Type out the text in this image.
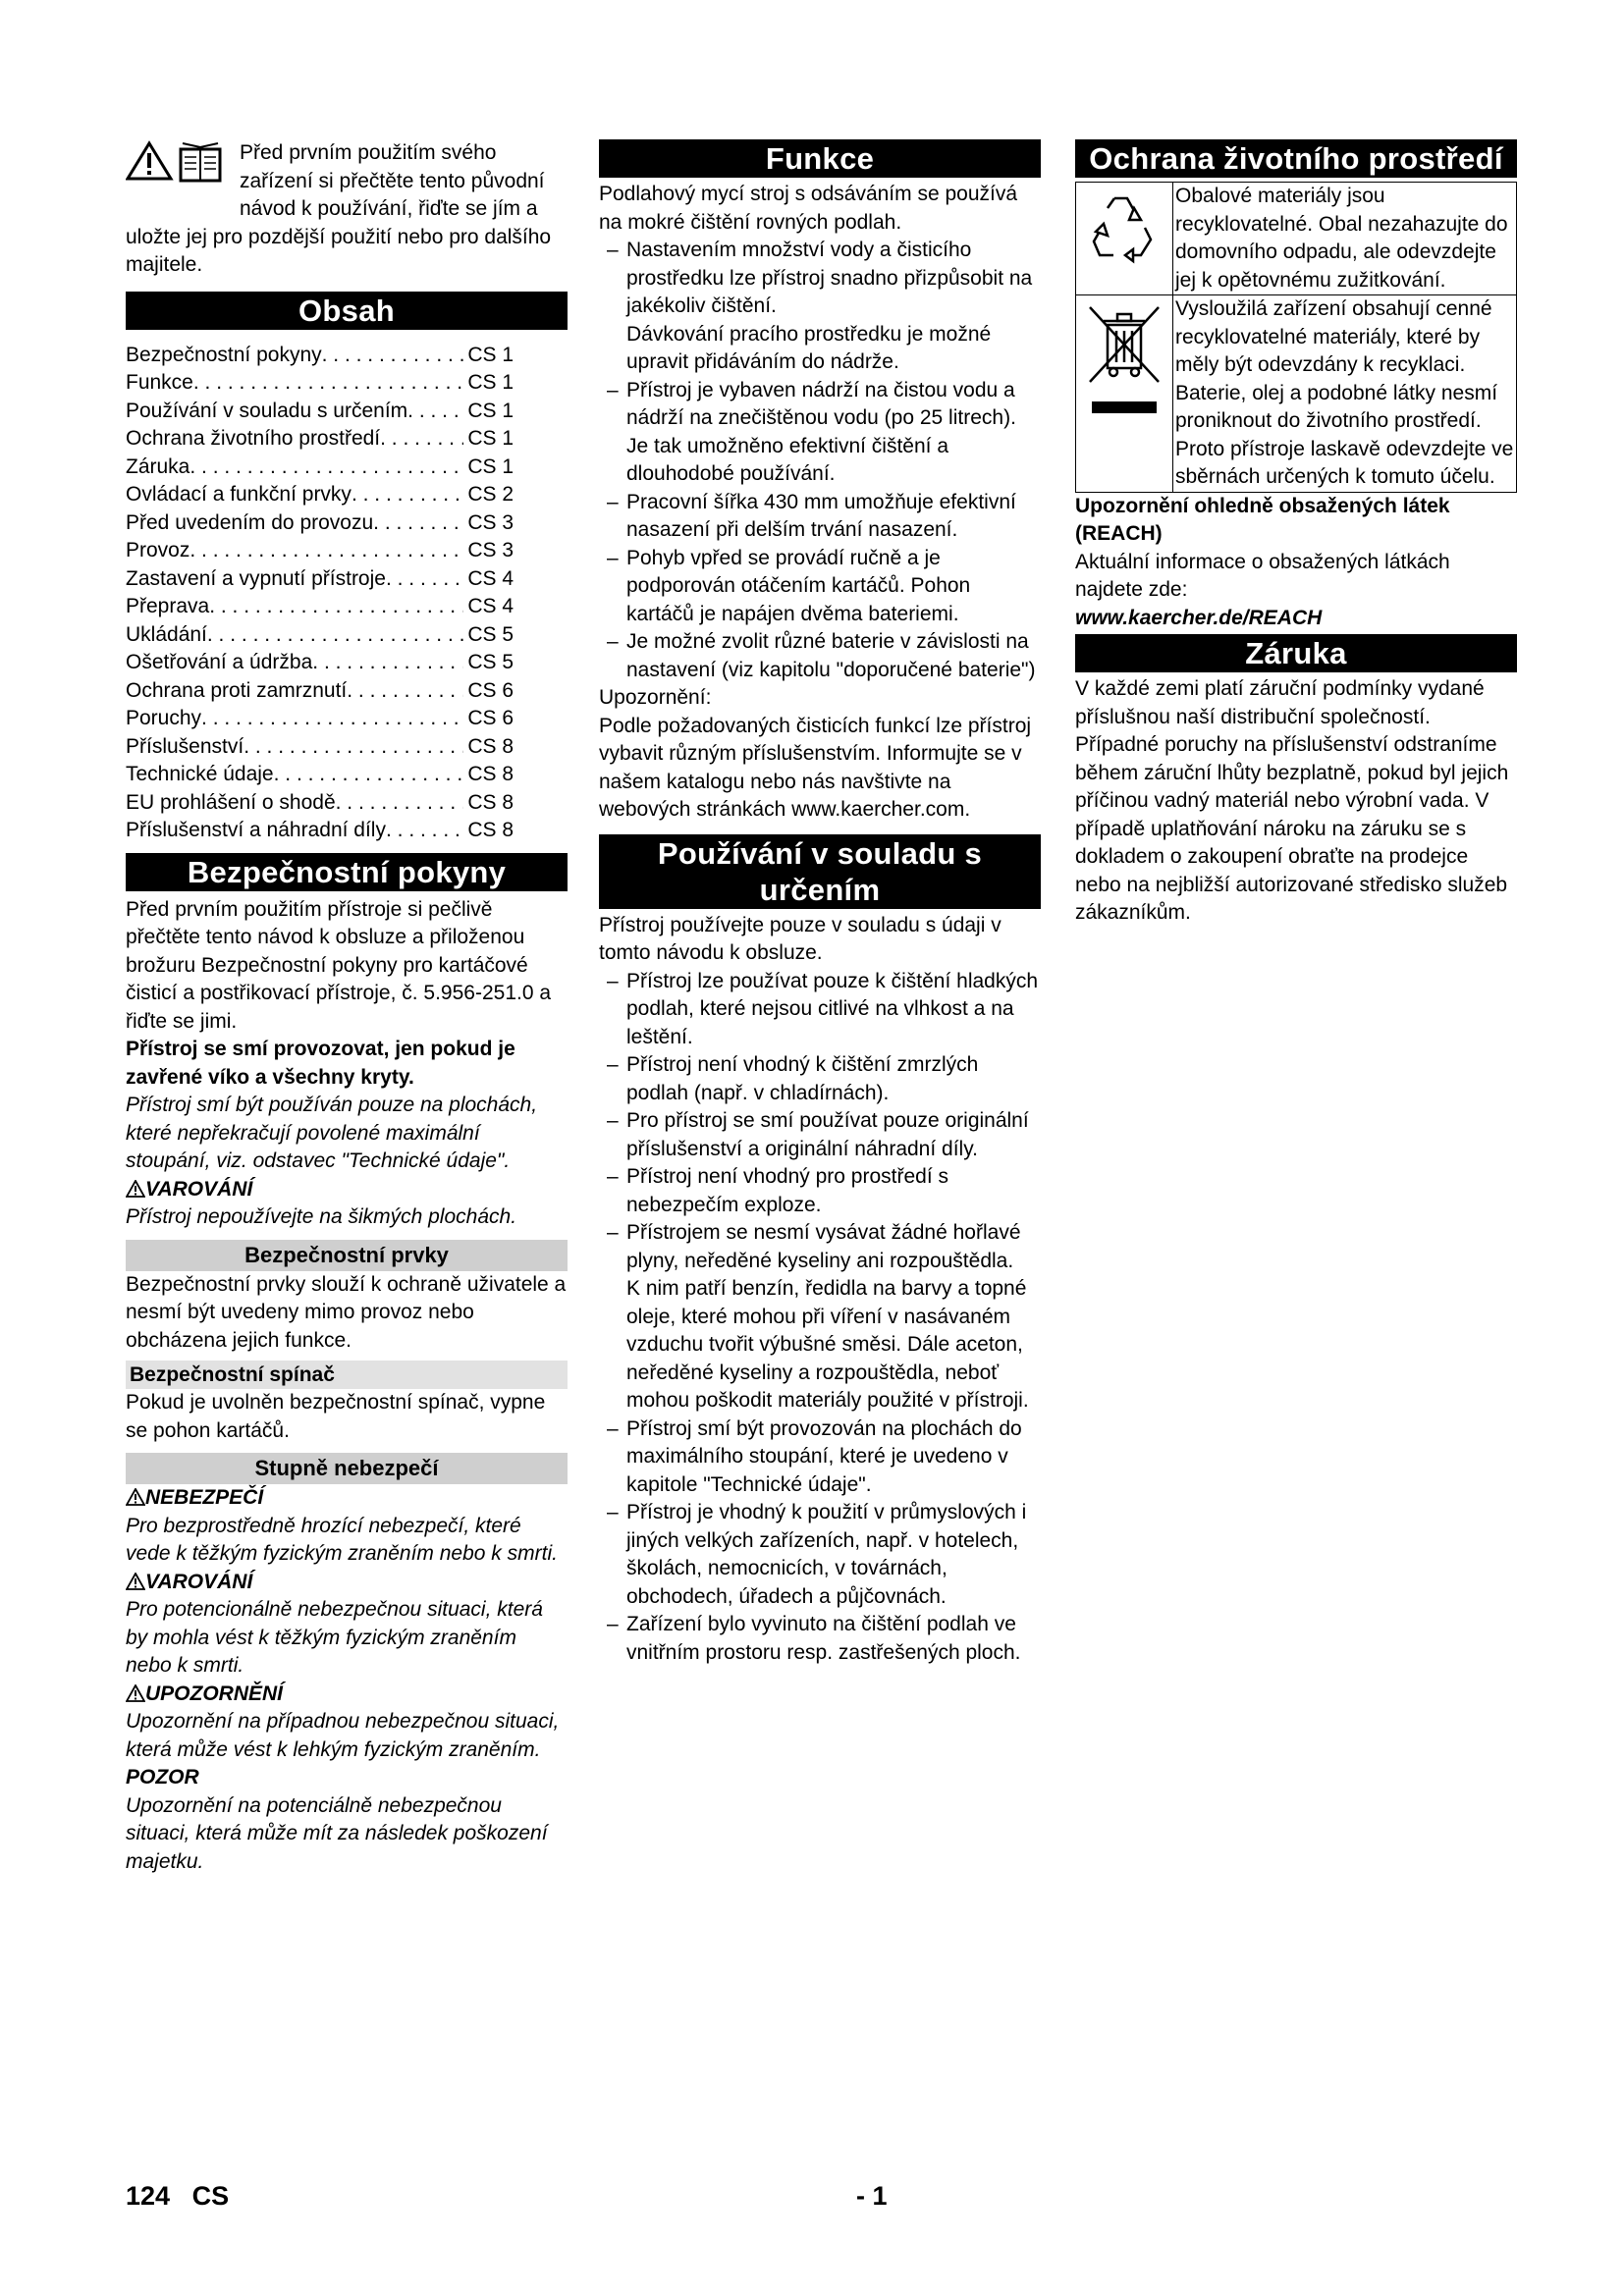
Před prvním použitím svého zařízení si přečtěte tento původní návod k používání, řiďte se jím a uložte jej pro pozdější použití nebo pro dalšího majitele.

Obsah
Bezpečnostní pokyny . . .	CS 1
Funkce . . .	CS 1
Používání v souladu s určením . . .	CS 1
Ochrana životního prostředí . . .	CS 1
Záruka . . .	CS 1
Ovládací a funkční prvky . . .	CS 2
Před uvedením do provozu . . .	CS 3
Provoz . . .	CS 3
Zastavení a vypnutí přístroje . . .	CS 4
Přeprava . . .	CS 4
Ukládání . . .	CS 5
Ošetřování a údržba . . .	CS 5
Ochrana proti zamrznutí . . .	CS 6
Poruchy . . .	CS 6
Příslušenství . . .	CS 8
Technické údaje . . .	CS 8
EU prohlášení o shodě . . .	CS 8
Příslušenství a náhradní díly . . .	CS 8
Bezpečnostní pokyny

Před prvním použitím přístroje si pečlivě přečtěte tento návod k obsluze a přiloženou brožuru Bezpečnostní pokyny pro kartáčové čisticí a postřikovací přístroje, č. 5.956-251.0 a řiďte se jimi.

Přístroj se smí provozovat, jen pokud je zavřené víko a všechny kryty.

Přístroj smí být používán pouze na plochách, které nepřekračují povolené maximální stoupání, viz. odstavec "Technické údaje".

VAROVÁNÍ

Přístroj nepoužívejte na šikmých plochách.

Bezpečnostní prvky

Bezpečnostní prvky slouží k ochraně uživatele a nesmí být uvedeny mimo provoz nebo obcházena jejich funkce.

Bezpečnostní spínač

Pokud je uvolněn bezpečnostní spínač, vypne se pohon kartáčů.

Stupně nebezpečí

NEBEZPEČÍ

Pro bezprostředně hrozící nebezpečí, které vede k těžkým fyzickým zraněním nebo k smrti.

VAROVÁNÍ

Pro potencionálně nebezpečnou situaci, která by mohla vést k těžkým fyzickým zraněním nebo k smrti.

UPOZORNĚNÍ

Upozornění na případnou nebezpečnou situaci, která může vést k lehkým fyzickým zraněním.

POZOR

Upozornění na potenciálně nebezpečnou situaci, která může mít za následek poškození majetku.

Funkce

Podlahový mycí stroj s odsáváním se používá na mokré čištění rovných podlah.

– Nastavením množství vody a čisticího prostředku lze přístroj snadno přizpůsobit na jakékoliv čištění.
Dávkování pracího prostředku je možné upravit přidáváním do nádrže.
– Přístroj je vybaven nádrží na čistou vodu a nádrží na znečištěnou vodu (po 25 litrech). Je tak umožněno efektivní čištění a dlouhodobé používání.
– Pracovní šířka 430 mm umožňuje efektivní nasazení při delším trvání nasazení.
– Pohyb vpřed se provádí ručně a je podporován otáčením kartáčů. Pohon kartáčů je napájen dvěma bateriemi.
– Je možné zvolit různé baterie v závislosti na nastavení (viz kapitolu "doporučené baterie")

Upozornění:

Podle požadovaných čisticích funkcí lze přístroj vybavit různým příslušenstvím. Informujte se v našem katalogu nebo nás navštivte na webových stránkách www.kaercher.com.

Používání v souladu s určením

Přístroj používejte pouze v souladu s údaji v tomto návodu k obsluze.

– Přístroj lze používat pouze k čištění hladkých podlah, které nejsou citlivé na vlhkost a na leštění.
– Přístroj není vhodný k čištění zmrzlých podlah (např. v chladírnách).
– Pro přístroj se smí používat pouze originální příslušenství a originální náhradní díly.
– Přístroj není vhodný pro prostředí s nebezpečím exploze.
– Přístrojem se nesmí vysávat žádné hořlavé plyny, neředěné kyseliny ani rozpouštědla.
K nim patří benzín, ředidla na barvy a topné oleje, které mohou při víření v nasávaném vzduchu tvořit výbušné směsi. Dále aceton, neředěné kyseliny a rozpouštědla, neboť mohou poškodit materiály použité v přístroji.
– Přístroj smí být provozován na plochách do maximálního stoupání, které je uvedeno v kapitole "Technické údaje".
– Přístroj je vhodný k použití v průmyslových i jiných velkých zařízeních, např. v hotelech, školách, nemocnicích, v továrnách, obchodech, úřadech a půjčovnách.
– Zařízení bylo vyvinuto na čištění podlah ve vnitřním prostoru resp. zastřešených ploch.
Ochrana životního prostředí
	Obalové materiály jsou recyklovatelné. Obal nezahazujte do domovního odpadu, ale odevzdejte jej k opětovnému zužitkování.
	Vysloužilá zařízení obsahují cenné recyklovatelné materiály, které by měly být odevzdány k recyklaci. Baterie, olej a podobné látky nesmí proniknout do životního prostředí. Proto přístroje laskavě odevzdejte ve sběrnách určených k tomuto účelu.

Upozornění ohledně obsažených látek (REACH)

Aktuální informace o obsažených látkách najdete zde:

www.kaercher.de/REACH

Záruka

V každé zemi platí záruční podmínky vydané příslušnou naší distribuční společností. Případné poruchy na příslušenství odstraníme během záruční lhůty bezplatně, pokud byl jejich příčinou vadný materiál nebo výrobní vada. V případě uplatňování nároku na záruku se s dokladem o zakoupení obraťte na prodejce nebo na nejbližší autorizované středisko služeb zákazníkům.

124 CS	- 1
